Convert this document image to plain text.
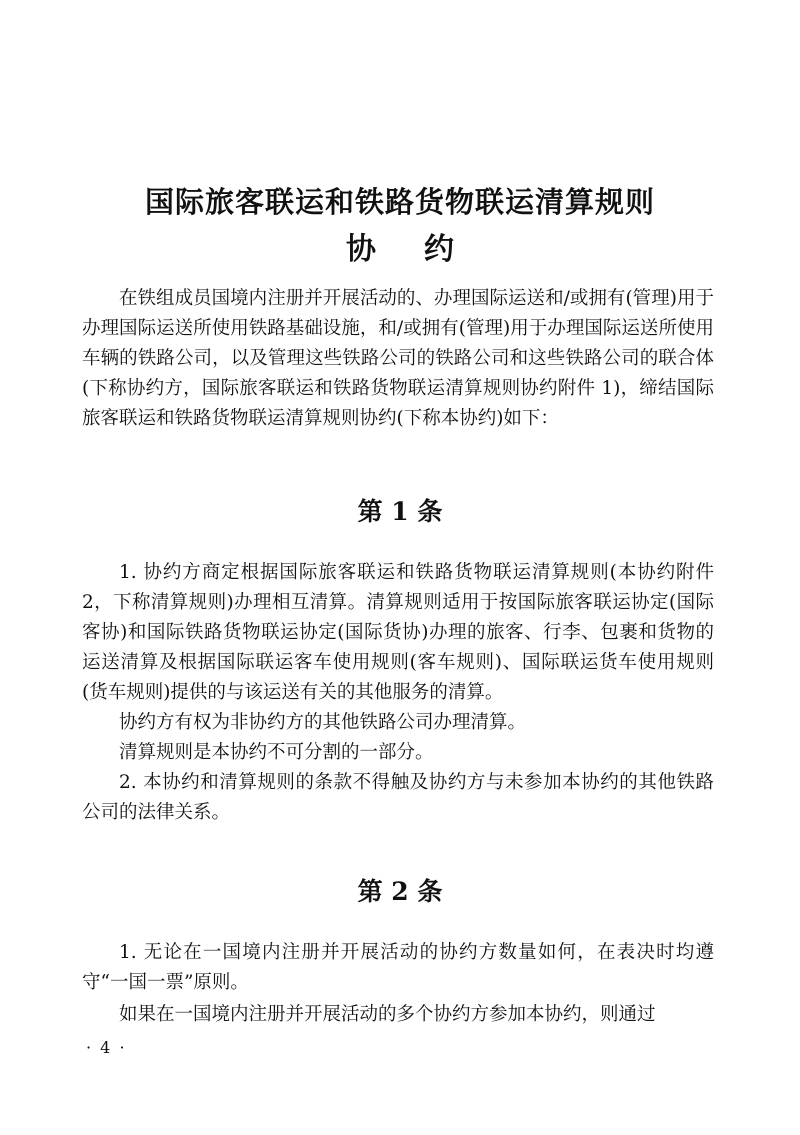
国际旅客联运和铁路货物联运清算规则
协 约

在铁组成员国境内注册并开展活动的、办理国际运送和/或拥有(管理)用于办理国际运送所使用铁路基础设施，和/或拥有(管理)用于办理国际运送所使用车辆的铁路公司，以及管理这些铁路公司的铁路公司和这些铁路公司的联合体(下称协约方，国际旅客联运和铁路货物联运清算规则协约附件 1)，缔结国际旅客联运和铁路货物联运清算规则协约(下称本协约)如下：

第 1 条

1. 协约方商定根据国际旅客联运和铁路货物联运清算规则(本协约附件 2，下称清算规则)办理相互清算。清算规则适用于按国际旅客联运协定(国际客协)和国际铁路货物联运协定(国际货协)办理的旅客、行李、包裹和货物的运送清算及根据国际联运客车使用规则(客车规则)、国际联运货车使用规则(货车规则)提供的与该运送有关的其他服务的清算。

协约方有权为非协约方的其他铁路公司办理清算。

清算规则是本协约不可分割的一部分。

2. 本协约和清算规则的条款不得触及协约方与未参加本协约的其他铁路公司的法律关系。

第 2 条

1. 无论在一国境内注册并开展活动的协约方数量如何，在表决时均遵守“一国一票”原则。

如果在一国境内注册并开展活动的多个协约方参加本协约，则通过

· 4 ·
